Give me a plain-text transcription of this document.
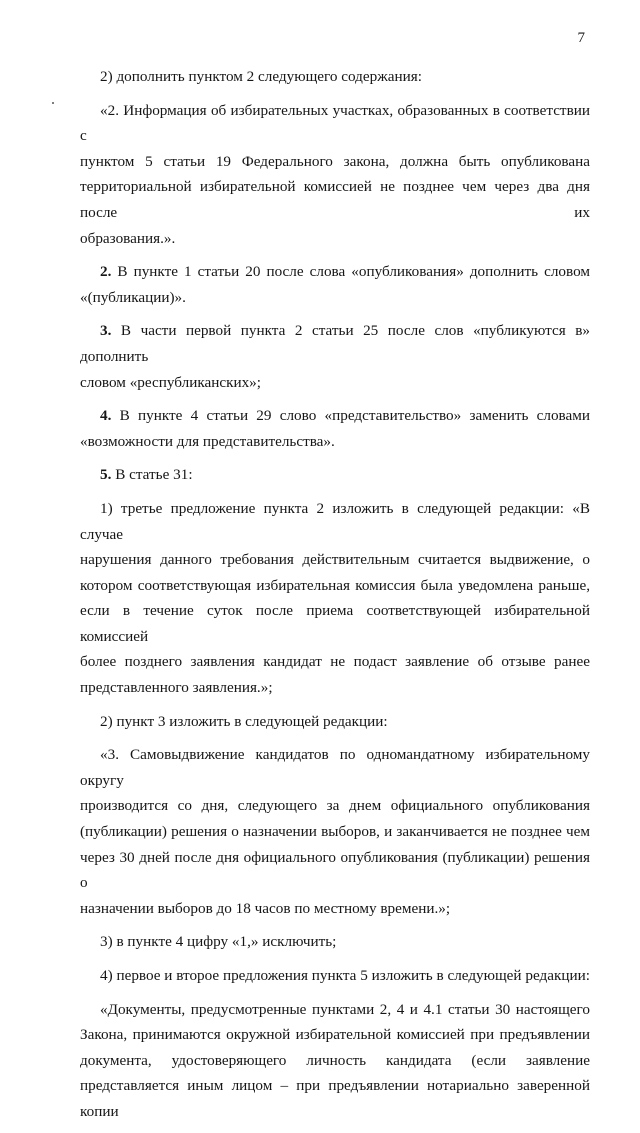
7
2) дополнить пунктом 2 следующего содержания:
«2. Информация об избирательных участках, образованных в соответствии с
пунктом 5 статьи 19 Федерального закона, должна быть опубликована
территориальной избирательной комиссией не позднее чем через два дня после их
образования.».
2. В пункте 1 статьи 20 после слова «опубликования» дополнить словом
«(публикации)».
3. В части первой пункта 2 статьи 25 после слов «публикуются в» дополнить
словом «республиканских»;
4. В пункте 4 статьи 29 слово «представительство» заменить словами
«возможности для представительства».
5. В статье 31:
1) третье предложение пункта 2 изложить в следующей редакции: «В случае
нарушения данного требования действительным считается выдвижение, о
котором соответствующая избирательная комиссия была уведомлена раньше,
если в течение суток после приема соответствующей избирательной комиссией
более позднего заявления кандидат не подаст заявление об отзыве ранее
представленного заявления.»;
2) пункт 3 изложить в следующей редакции:
«3. Самовыдвижение кандидатов по одномандатному избирательному округу
производится со дня, следующего за днем официального опубликования
(публикации) решения о назначении выборов, и заканчивается не позднее чем
через 30 дней после дня официального опубликования (публикации) решения о
назначении выборов до 18 часов по местному времени.»;
3) в пункте 4 цифру «1,» исключить;
4) первое и второе предложения пункта 5 изложить в следующей редакции:
«Документы, предусмотренные пунктами 2, 4 и 4.1 статьи 30 настоящего
Закона, принимаются окружной избирательной комиссией при предъявлении
документа, удостоверяющего личность кандидата (если заявление
представляется иным лицом – при предъявлении нотариально заверенной копии
